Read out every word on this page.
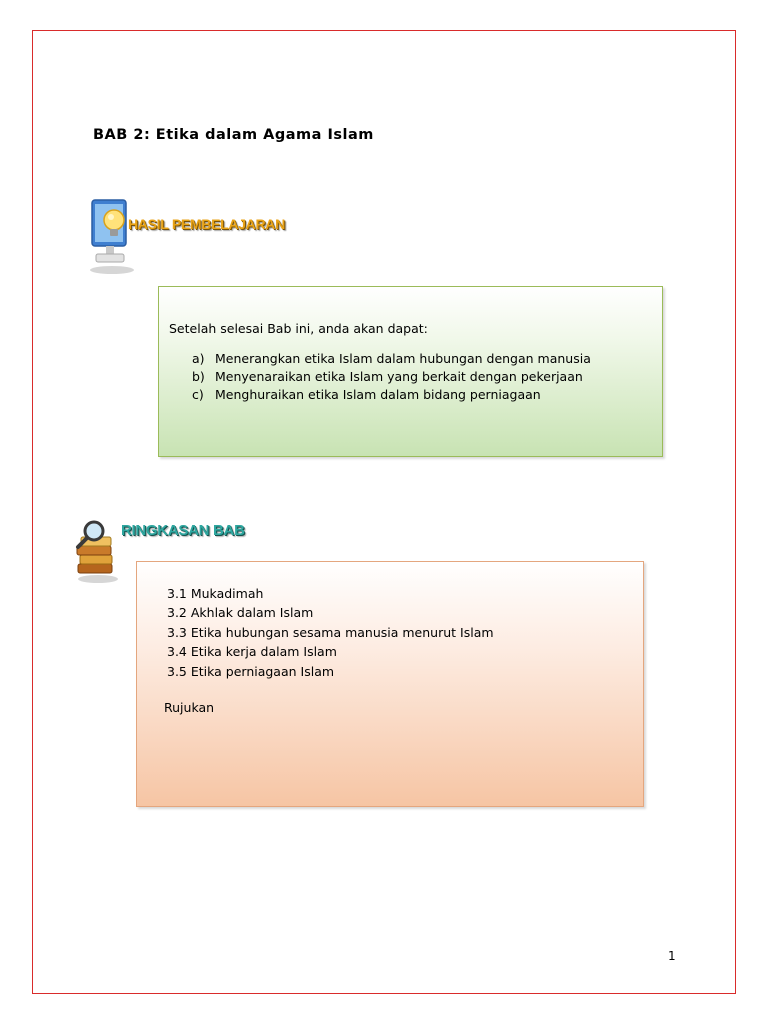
BAB 2: Etika dalam Agama Islam
HASIL PEMBELAJARAN
Setelah selesai Bab ini, anda akan dapat:
a) Menerangkan etika Islam dalam hubungan dengan manusia
b) Menyenaraikan etika Islam yang berkait dengan pekerjaan
c) Menghuraikan etika Islam dalam bidang perniagaan
RINGKASAN BAB
3.1 Mukadimah
3.2 Akhlak dalam Islam
3.3 Etika hubungan sesama manusia menurut Islam
3.4 Etika kerja dalam Islam
3.5 Etika perniagaan Islam
Rujukan
1
